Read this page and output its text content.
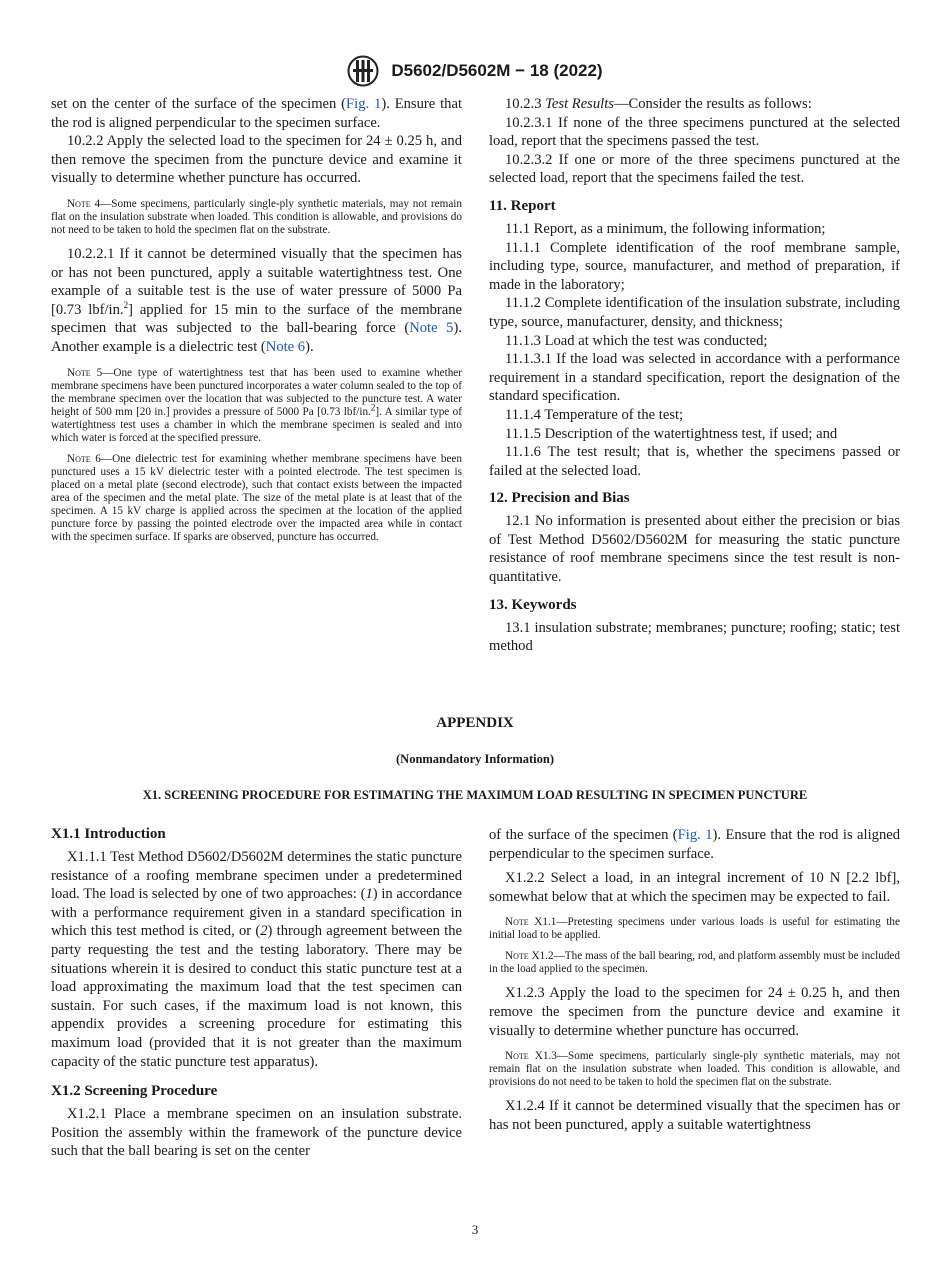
D5602/D5602M − 18 (2022)

set on the center of the surface of the specimen (Fig. 1). Ensure that the rod is aligned perpendicular to the specimen surface.

10.2.2 Apply the selected load to the specimen for 24 ± 0.25 h, and then remove the specimen from the puncture device and examine it visually to determine whether puncture has occurred.

Note 4—Some specimens, particularly single-ply synthetic materials, may not remain flat on the insulation substrate when loaded. This condition is allowable, and provisions do not need to be taken to hold the specimen flat on the substrate.

10.2.2.1 If it cannot be determined visually that the specimen has or has not been punctured, apply a suitable watertightness test. One example of a suitable test is the use of water pressure of 5000 Pa [0.73 lbf/in.$^2$] applied for 15 min to the surface of the membrane specimen that was subjected to the ball-bearing force (Note 5). Another example is a dielectric test (Note 6).

Note 5—One type of watertightness test that has been used to examine whether membrane specimens have been punctured incorporates a water column sealed to the top of the membrane specimen over the location that was subjected to the puncture test. A water height of 500 mm [20 in.] provides a pressure of 5000 Pa [0.73 lbf/in.$^2$]. A similar type of watertightness test uses a chamber in which the membrane specimen is sealed and into which water is forced at the specified pressure.
Note 6—One dielectric test for examining whether membrane specimens have been punctured uses a 15 kV dielectric tester with a pointed electrode. The test specimen is placed on a metal plate (second electrode), such that contact exists between the impacted area of the specimen and the metal plate. The size of the metal plate is at least that of the specimen. A 15 kV charge is applied across the specimen at the location of the applied puncture force by passing the pointed electrode over the impacted area while in contact with the specimen surface. If sparks are observed, puncture has occurred.

10.2.3 Test Results—Consider the results as follows:

10.2.3.1 If none of the three specimens punctured at the selected load, report that the specimens passed the test.

10.2.3.2 If one or more of the three specimens punctured at the selected load, report that the specimens failed the test.

11. Report

11.1 Report, as a minimum, the following information;

11.1.1 Complete identification of the roof membrane sample, including type, source, manufacturer, and method of preparation, if made in the laboratory;

11.1.2 Complete identification of the insulation substrate, including type, source, manufacturer, density, and thickness;

11.1.3 Load at which the test was conducted;

11.1.3.1 If the load was selected in accordance with a performance requirement in a standard specification, report the designation of the standard specification.

11.1.4 Temperature of the test;

11.1.5 Description of the watertightness test, if used; and

11.1.6 The test result; that is, whether the specimens passed or failed at the selected load.

12. Precision and Bias

12.1 No information is presented about either the precision or bias of Test Method D5602/D5602M for measuring the static puncture resistance of roof membrane specimens since the test result is non-quantitative.

13. Keywords

13.1 insulation substrate; membranes; puncture; roofing; static; test method

APPENDIX
(Nonmandatory Information)
X1. SCREENING PROCEDURE FOR ESTIMATING THE MAXIMUM LOAD RESULTING IN SPECIMEN PUNCTURE
X1.1 Introduction

X1.1.1 Test Method D5602/D5602M determines the static puncture resistance of a roofing membrane specimen under a predetermined load. The load is selected by one of two approaches: (1) in accordance with a performance requirement given in a standard specification in which this test method is cited, or (2) through agreement between the party requesting the test and the testing laboratory. There may be situations wherein it is desired to conduct this static puncture test at a load approximating the maximum load that the test specimen can sustain. For such cases, if the maximum load is not known, this appendix provides a screening procedure for estimating this maximum load (provided that it is not greater than the maximum capacity of the static puncture test apparatus).

X1.2 Screening Procedure

X1.2.1 Place a membrane specimen on an insulation substrate. Position the assembly within the framework of the puncture device such that the ball bearing is set on the center

of the surface of the specimen (Fig. 1). Ensure that the rod is aligned perpendicular to the specimen surface.

X1.2.2 Select a load, in an integral increment of 10 N [2.2 lbf], somewhat below that at which the specimen may be expected to fail.

Note X1.1—Pretesting specimens under various loads is useful for estimating the initial load to be applied.
Note X1.2—The mass of the ball bearing, rod, and platform assembly must be included in the load applied to the specimen.

X1.2.3 Apply the load to the specimen for 24 ± 0.25 h, and then remove the specimen from the puncture device and examine it visually to determine whether puncture has occurred.

Note X1.3—Some specimens, particularly single-ply synthetic materials, may not remain flat on the insulation substrate when loaded. This condition is allowable, and provisions do not need to be taken to hold the specimen flat on the substrate.

X1.2.4 If it cannot be determined visually that the specimen has or has not been punctured, apply a suitable watertightness

3
